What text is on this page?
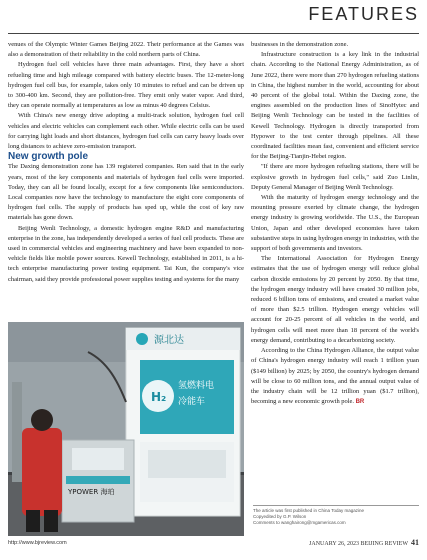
FEATURES

venues of the Olympic Winter Games Beijing 2022. Their performance at the Games was also a demonstration of their reliability in the cold northern parts of China.

Hydrogen fuel cell vehicles have three main advantages. First, they have a short refueling time and high mileage compared with battery electric buses. The 12-meter-long hydrogen fuel cell bus, for example, takes only 10 minutes to refuel and can be driven up to 300-400 km. Second, they are pollution-free. They emit only water vapor. And third, they can operate normally at temperatures as low as minus 40 degrees Celsius.

With China's new energy drive adopting a multi-track solution, hydrogen fuel cell vehicles and electric vehicles can complement each other. While electric cells can be used for carrying light loads and short distances, hydrogen fuel cells can carry heavy loads over long distances to achieve zero-emission transport.

New growth pole

The Daxing demonstration zone has 139 registered companies. Ren said that in the early years, most of the key components and materials of hydrogen fuel cells were imported. Today, they can all be found locally, except for a few components like semiconductors. Local companies now have the technology to manufacture the eight core components of hydrogen fuel cells. The supply of products has sped up, while the cost of key raw materials has gone down.

Beijing Wenli Technology, a domestic hydrogen engine R&D and manufacturing enterprise in the zone, has independently developed a series of fuel cell products. These are used in commercial vehicles and engineering machinery and have been expanded to non-vehicle fields like mobile power sources. Kewell Technology, established in 2011, is a hi-tech enterprise manufacturing power testing equipment. Tai Kun, the company's vice chairman, said they provide professional power supplies testing and systems for the many

源北达
H₂
氢燃料电
冷能车
YPOWER 海珀

businesses in the demonstration zone.

Infrastructure construction is a key link in the industrial chain. According to the National Energy Administration, as of June 2022, there were more than 270 hydrogen refueling stations in China, the highest number in the world, accounting for about 40 percent of the global total. Within the Daxing zone, the engines assembled on the production lines of SinoHytec and Beijing Wenli Technology can be tested in the facilities of Kewell Technology. Hydrogen is directly transported from Hypower to the test center through pipelines. All these coordinated facilities mean fast, convenient and efficient service for the Beijing-Tianjin-Hebei region.

"If there are more hydrogen refueling stations, there will be explosive growth in hydrogen fuel cells," said Zuo Linlin, Deputy General Manager of Beijing Wenli Technology.

With the maturity of hydrogen energy technology and the mounting pressure exerted by climate change, the hydrogen energy industry is growing worldwide. The U.S., the European Union, Japan and other developed economies have taken substantive steps in using hydrogen energy in industries, with the support of both governments and investors.

The International Association for Hydrogen Energy estimates that the use of hydrogen energy will reduce global carbon dioxide emissions by 20 percent by 2050. By that time, the hydrogen energy industry will have created 30 million jobs, reduced 6 billion tons of emissions, and created a market value of more than $2.5 trillion. Hydrogen energy vehicles will account for 20-25 percent of all vehicles in the world, and hydrogen cells will meet more than 18 percent of the world's energy demand, contributing to a decarbonizing society.

According to the China Hydrogen Alliance, the output value of China's hydrogen energy industry will reach 1 trillion yuan ($149 billion) by 2025; by 2050, the country's hydrogen demand will be close to 60 million tons, and the annual output value of the industry chain will be 12 trillion yuan ($1.7 trillion), becoming a new economic growth pole. BR

The article was first published in China Today magazine
Copyedited by G.P. Wilson
Comments to wanghairong@mgamericas.com
http://www.bjreview.com	JANUARY 26, 2023 BEIJING REVIEW 41
